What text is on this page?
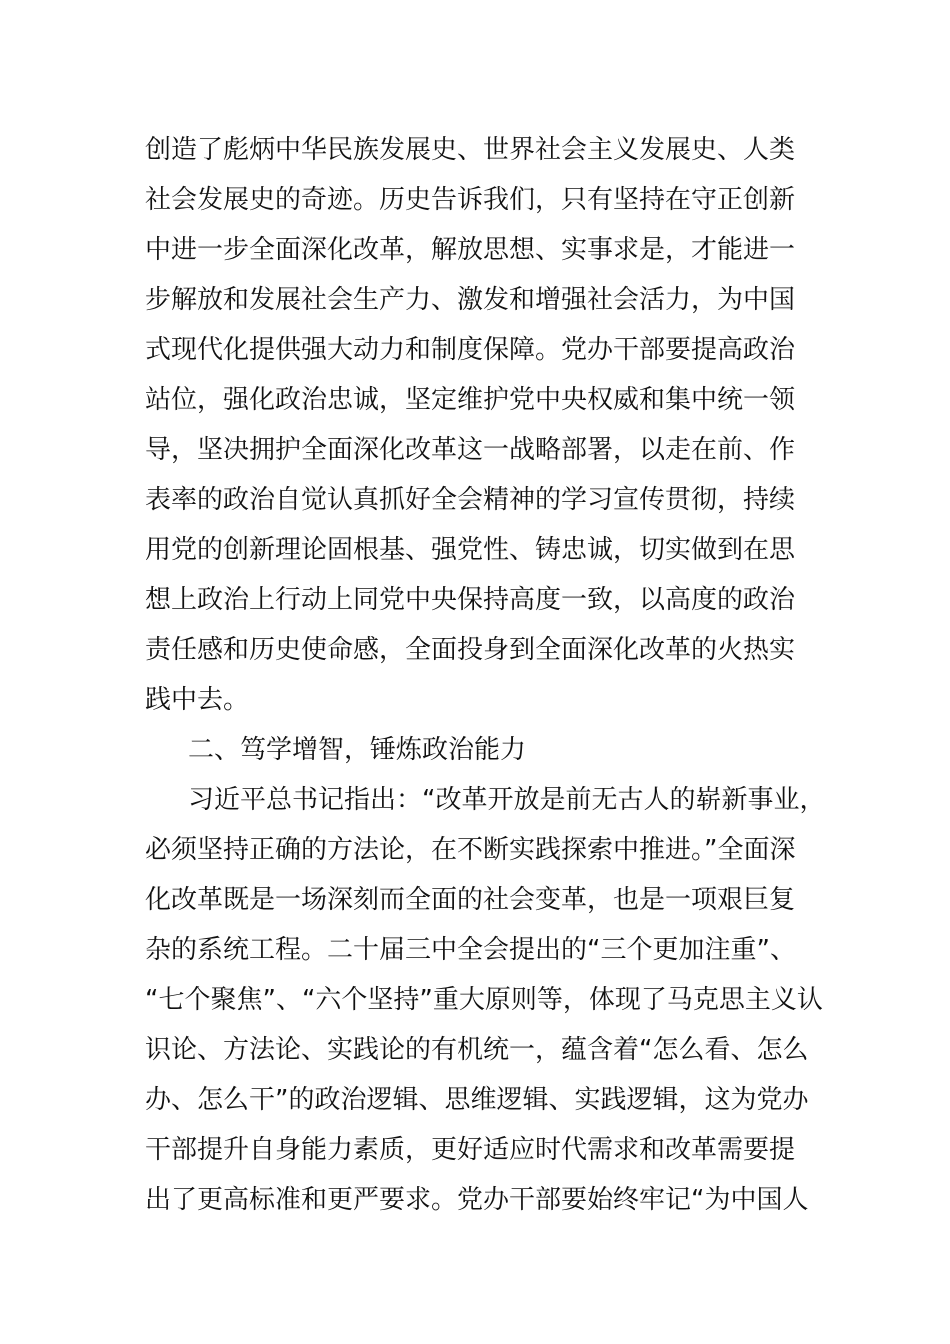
创造了彪炳中华民族发展史、世界社会主义发展史、人类
社会发展史的奇迹。历史告诉我们，只有坚持在守正创新
中进一步全面深化改革，解放思想、实事求是，才能进一
步解放和发展社会生产力、激发和增强社会活力，为中国
式现代化提供强大动力和制度保障。党办干部要提高政治
站位，强化政治忠诚，坚定维护党中央权威和集中统一领
导，坚决拥护全面深化改革这一战略部署，以走在前、作
表率的政治自觉认真抓好全会精神的学习宣传贯彻，持续
用党的创新理论固根基、强党性、铸忠诚，切实做到在思
想上政治上行动上同党中央保持高度一致，以高度的政治
责任感和历史使命感，全面投身到全面深化改革的火热实
践中去。
二、笃学增智，锤炼政治能力
习近平总书记指出：“改革开放是前无古人的崭新事业，
必须坚持正确的方法论，在不断实践探索中推进。”全面深
化改革既是一场深刻而全面的社会变革，也是一项艰巨复
杂的系统工程。二十届三中全会提出的“三个更加注重”、
“七个聚焦”、“六个坚持”重大原则等，体现了马克思主义认
识论、方法论、实践论的有机统一，蕴含着“怎么看、怎么
办、怎么干”的政治逻辑、思维逻辑、实践逻辑，这为党办
干部提升自身能力素质，更好适应时代需求和改革需要提
出了更高标准和更严要求。党办干部要始终牢记“为中国人
